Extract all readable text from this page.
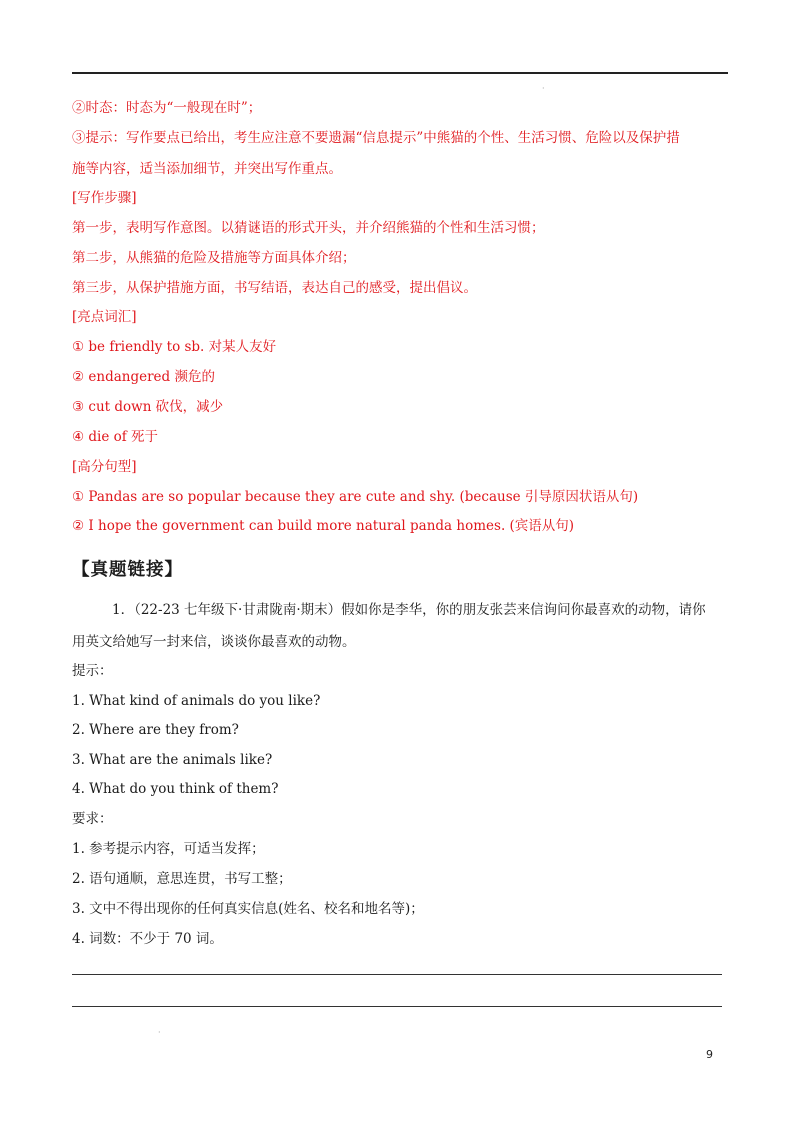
·
②时态：时态为“一般现在时”；
③提示：写作要点已给出，考生应注意不要遗漏“信息提示”中熊猫的个性、生活习惯、危险以及保护措
施等内容，适当添加细节，并突出写作重点。
[写作步骤]
第一步，表明写作意图。以猜谜语的形式开头，并介绍熊猫的个性和生活习惯；
第二步，从熊猫的危险及措施等方面具体介绍；
第三步，从保护措施方面，书写结语，表达自己的感受，提出倡议。
[亮点词汇]
① be friendly to sb. 对某人友好
② endangered 濒危的
③ cut down 砍伐，减少
④ die of 死于
[高分句型]
① Pandas are so popular because they are cute and shy. (because 引导原因状语从句)
② I hope the government can build more natural panda homes. (宾语从句)
【真题链接】
1．（22-23 七年级下·甘肃陇南·期末）假如你是李华，你的朋友张芸来信询问你最喜欢的动物，请你
用英文给她写一封来信，谈谈你最喜欢的动物。
提示：
1. What kind of animals do you like?
2. Where are they from?
3. What are the animals like?
4. What do you think of them?
要求：
1. 参考提示内容，可适当发挥；
2. 语句通顺，意思连贯，书写工整；
3. 文中不得出现你的任何真实信息(姓名、校名和地名等)；
4. 词数：不少于 70 词。
·
9
